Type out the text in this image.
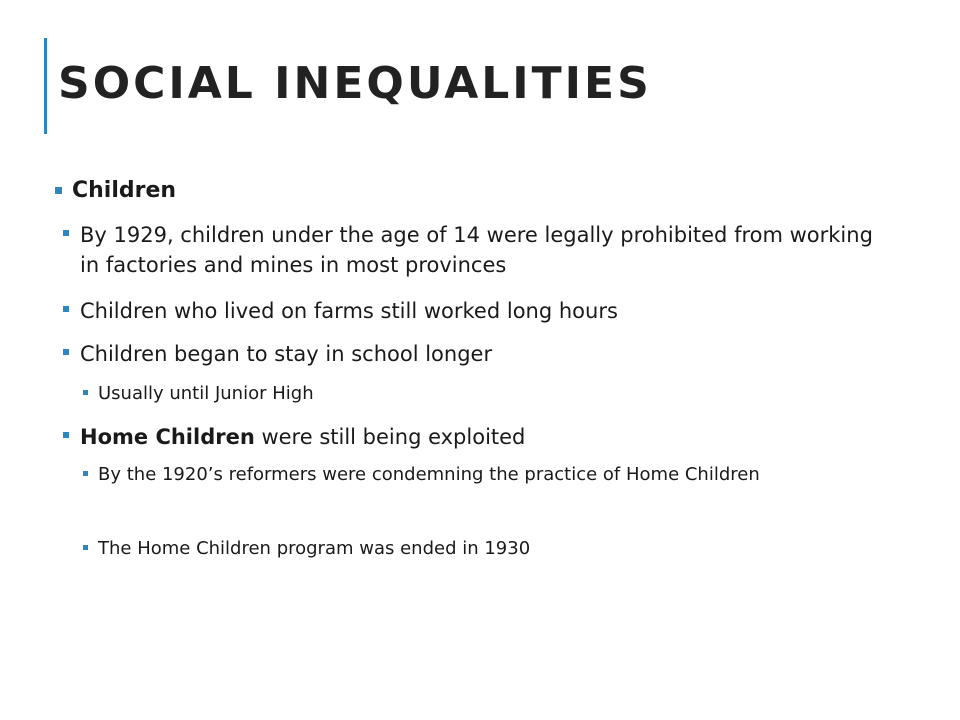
SOCIAL INEQUALITIES
Children
By 1929, children under the age of 14 were legally prohibited from working in factories and mines in most provinces
Children who lived on farms still worked long hours
Children began to stay in school longer
Usually until Junior High
Home Children were still being exploited
By the 1920’s reformers were condemning the practice of Home Children
The Home Children program was ended in 1930
